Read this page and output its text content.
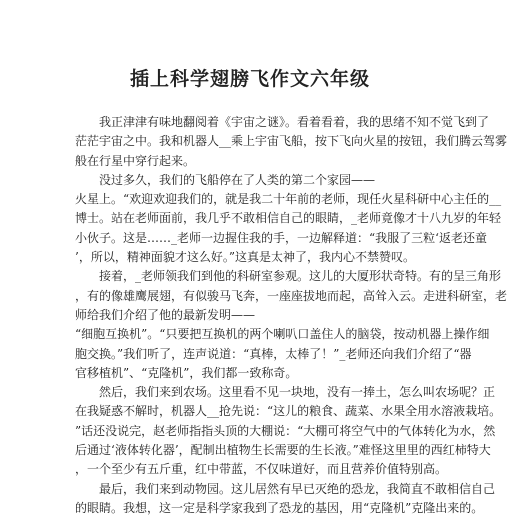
插上科学翅膀飞作文六年级
我正津津有味地翻阅着《宇宙之谜》。看着看着，我的思绪不知不觉飞到了
茫茫宇宙之中。我和机器人__乘上宇宙飞船，按下飞向火星的按钮，我们腾云驾雾
般在行星中穿行起来。
没过多久，我们的飞船停在了人类的第二个家园——
火星上。“欢迎欢迎我们的，就是我二十年前的老师，现任火星科研中心主任的__
博士。站在老师面前，我几乎不敢相信自己的眼睛，_老师竟像才十八九岁的年轻
小伙子。这是……_老师一边握住我的手，一边解释道：“我服了三粒‘返老还童
’，所以，精神面貌才这么好。”这真是太神了，我内心不禁赞叹。
接着，_老师领我们到他的科研室参观。这儿的大厦形状奇特。有的呈三角形
，有的像雄鹰展翅，有似骏马飞奔，一座座拔地而起，高耸入云。走进科研室，老
师给我们介绍了他的最新发明——
“细胞互换机”。“只要把互换机的两个喇叭口盖住人的脑袋，按动机器上操作细
胞交换。”我们听了，连声说道：“真棒，太棒了！”_老师还向我们介绍了“器
官移植机”、“克隆机”，我们都一致称奇。
然后，我们来到农场。这里看不见一块地，没有一捧土，怎么叫农场呢？正
在我疑惑不解时，机器人__抢先说：“这儿的粮食、蔬菜、水果全用水溶液栽培。
”话还没说完，赵老师指指头顶的大棚说：“大棚可将空气中的气体转化为水，然
后通过‘液体转化器’，配制出植物生长需要的生长液。”难怪这里里的西红柿特大
，一个至少有五斤重，红中带蓝，不仅味道好，而且营养价值特别高。
最后，我们来到动物园。这儿居然有早已灭绝的恐龙，我简直不敢相信自己
的眼睛。我想，这一定是科学家我到了恐龙的基因，用“克隆机”克隆出来的。
